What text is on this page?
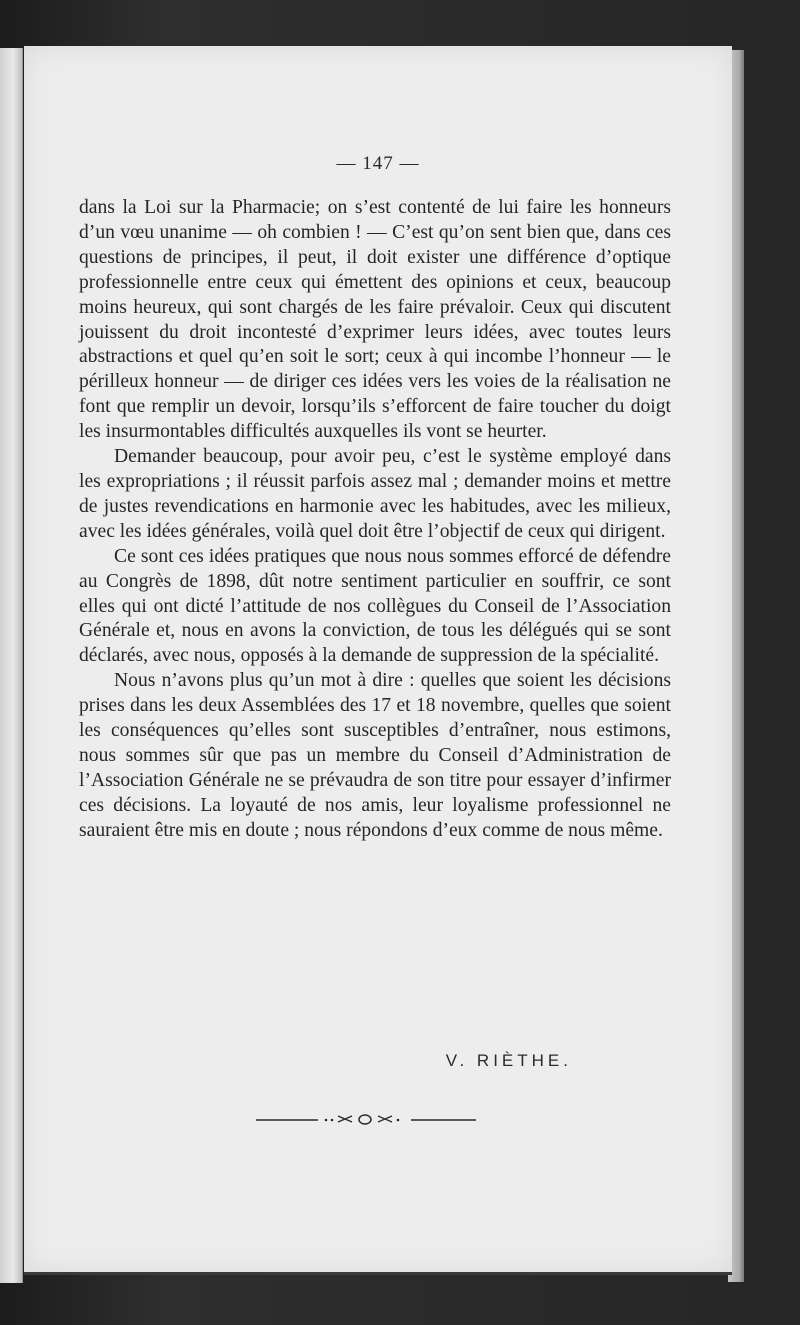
— 147 —

dans la Loi sur la Pharmacie; on s’est contenté de lui faire les honneurs d’un vœu unanime — oh combien ! — C’est qu’on sent bien que, dans ces questions de principes, il peut, il doit exister une différence d’optique professionnelle entre ceux qui émettent des opinions et ceux, beaucoup moins heureux, qui sont chargés de les faire prévaloir. Ceux qui discutent jouissent du droit incontesté d’exprimer leurs idées, avec toutes leurs abstractions et quel qu’en soit le sort; ceux à qui incombe l’honneur — le périlleux honneur — de diriger ces idées vers les voies de la réalisation ne font que remplir un devoir, lorsqu’ils s’efforcent de faire toucher du doigt les insurmontables difficultés auxquelles ils vont se heurter.

Demander beaucoup, pour avoir peu, c’est le système employé dans les expropriations ; il réussit parfois assez mal ; demander moins et mettre de justes revendications en harmonie avec les habitudes, avec les milieux, avec les idées générales, voilà quel doit être l’objectif de ceux qui dirigent.

Ce sont ces idées pratiques que nous nous sommes efforcé de défendre au Congrès de 1898, dût notre sentiment particulier en souffrir, ce sont elles qui ont dicté l’attitude de nos collègues du Conseil de l’Association Générale et, nous en avons la conviction, de tous les délégués qui se sont déclarés, avec nous, opposés à la demande de suppression de la spécialité.

Nous n’avons plus qu’un mot à dire : quelles que soient les décisions prises dans les deux Assemblées des 17 et 18 novembre, quelles que soient les conséquences qu’elles sont susceptibles d’entraîner, nous estimons, nous sommes sûr que pas un membre du Conseil d’Administration de l’Association Générale ne se prévaudra de son titre pour essayer d’infirmer ces décisions. La loyauté de nos amis, leur loyalisme professionnel ne sauraient être mis en doute ; nous répondons d’eux comme de nous même.

V. RIÈTHE.
